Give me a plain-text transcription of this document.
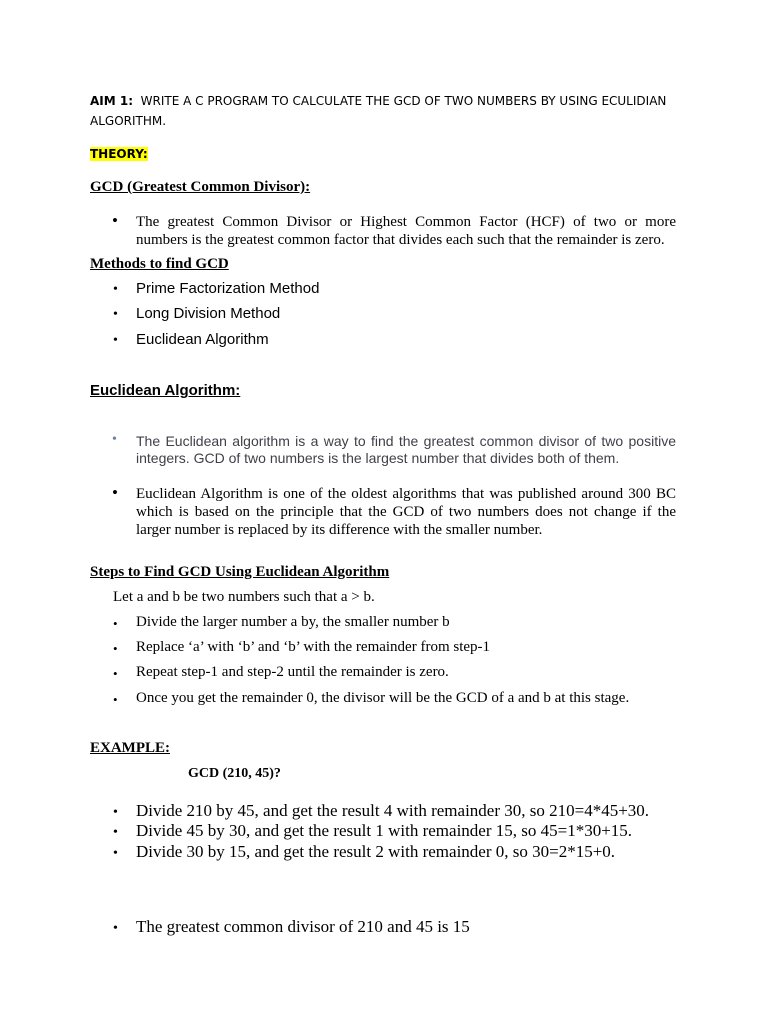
AIM 1: WRITE A C PROGRAM TO CALCULATE THE GCD OF TWO NUMBERS BY USING ECULIDIAN
ALGORITHM.
THEORY:
GCD (Greatest Common Divisor):
• The greatest Common Divisor or Highest Common Factor (HCF) of two or more numbers is the greatest common factor that divides each such that the remainder is zero.
Methods to find GCD
• Prime Factorization Method
• Long Division Method
• Euclidean Algorithm
Euclidean Algorithm:
• The Euclidean algorithm is a way to find the greatest common divisor of two positive integers. GCD of two numbers is the largest number that divides both of them.
• Euclidean Algorithm is one of the oldest algorithms that was published around 300 BC which is based on the principle that the GCD of two numbers does not change if the larger number is replaced by its difference with the smaller number.
Steps to Find GCD Using Euclidean Algorithm
Let a and b be two numbers such that a > b.
• Divide the larger number a by, the smaller number b
• Replace ‘a’ with ‘b’ and ‘b’ with the remainder from step-1
• Repeat step-1 and step-2 until the remainder is zero.
• Once you get the remainder 0, the divisor will be the GCD of a and b at this stage.
EXAMPLE:
GCD (210, 45)?
• Divide 210 by 45, and get the result 4 with remainder 30, so 210=4*45+30.
• Divide 45 by 30, and get the result 1 with remainder 15, so 45=1*30+15.
• Divide 30 by 15, and get the result 2 with remainder 0, so 30=2*15+0.
• The greatest common divisor of 210 and 45 is 15
